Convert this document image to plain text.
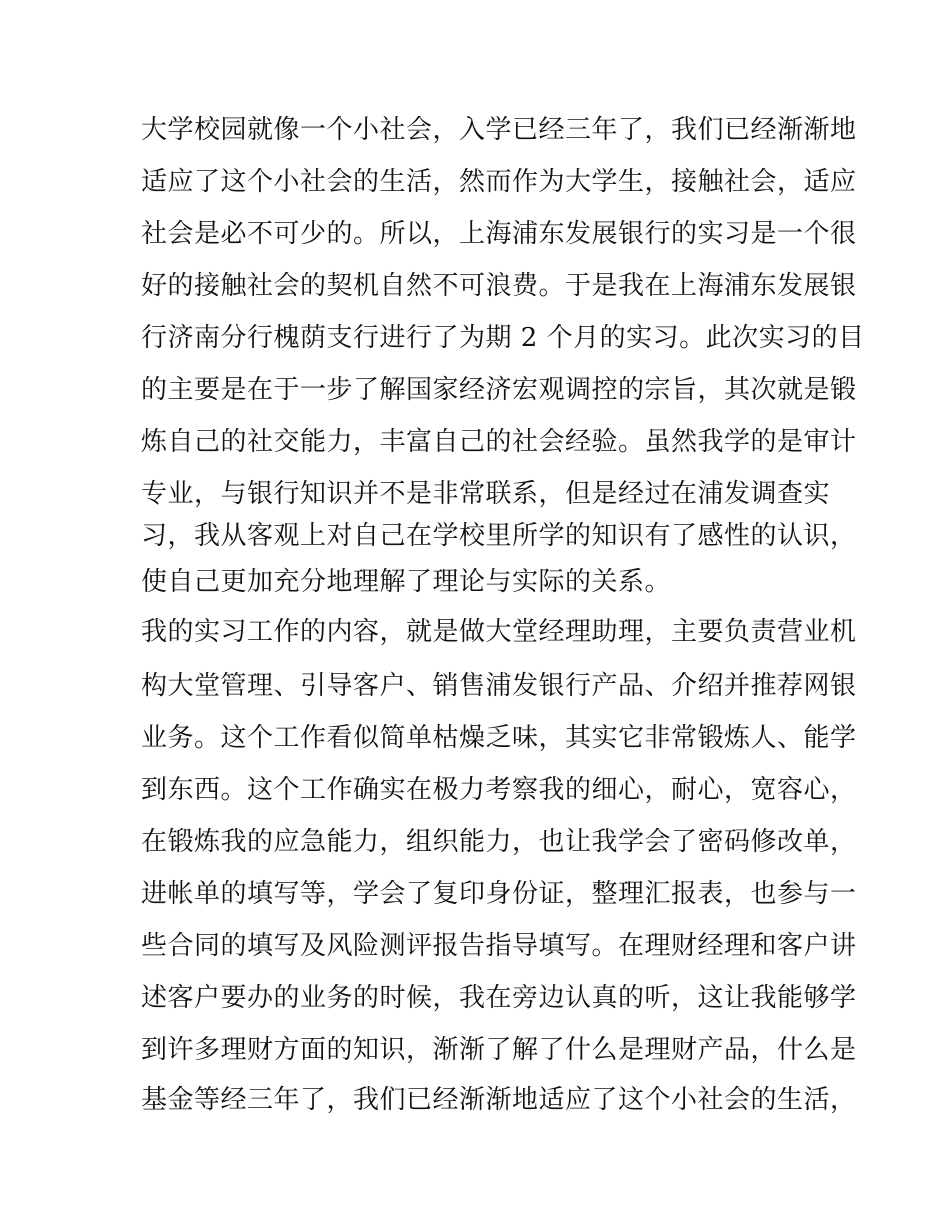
大学校园就像一个小社会，入学已经三年了，我们已经渐渐地
适应了这个小社会的生活，然而作为大学生，接触社会，适应
社会是必不可少的。所以，上海浦东发展银行的实习是一个很
好的接触社会的契机自然不可浪费。于是我在上海浦东发展银
行济南分行槐荫支行进行了为期 2 个月的实习。此次实习的目
的主要是在于一步了解国家经济宏观调控的宗旨，其次就是锻
炼自己的社交能力，丰富自己的社会经验。虽然我学的是审计
专业，与银行知识并不是非常联系，但是经过在浦发调查实
习，我从客观上对自己在学校里所学的知识有了感性的认识，
使自己更加充分地理解了理论与实际的关系。
我的实习工作的内容，就是做大堂经理助理，主要负责营业机
构大堂管理、引导客户、销售浦发银行产品、介绍并推荐网银
业务。这个工作看似简单枯燥乏味，其实它非常锻炼人、能学
到东西。这个工作确实在极力考察我的细心，耐心，宽容心，
在锻炼我的应急能力，组织能力，也让我学会了密码修改单，
进帐单的填写等，学会了复印身份证，整理汇报表，也参与一
些合同的填写及风险测评报告指导填写。在理财经理和客户讲
述客户要办的业务的时候，我在旁边认真的听，这让我能够学
到许多理财方面的知识，渐渐了解了什么是理财产品，什么是
基金等经三年了，我们已经渐渐地适应了这个小社会的生活，
